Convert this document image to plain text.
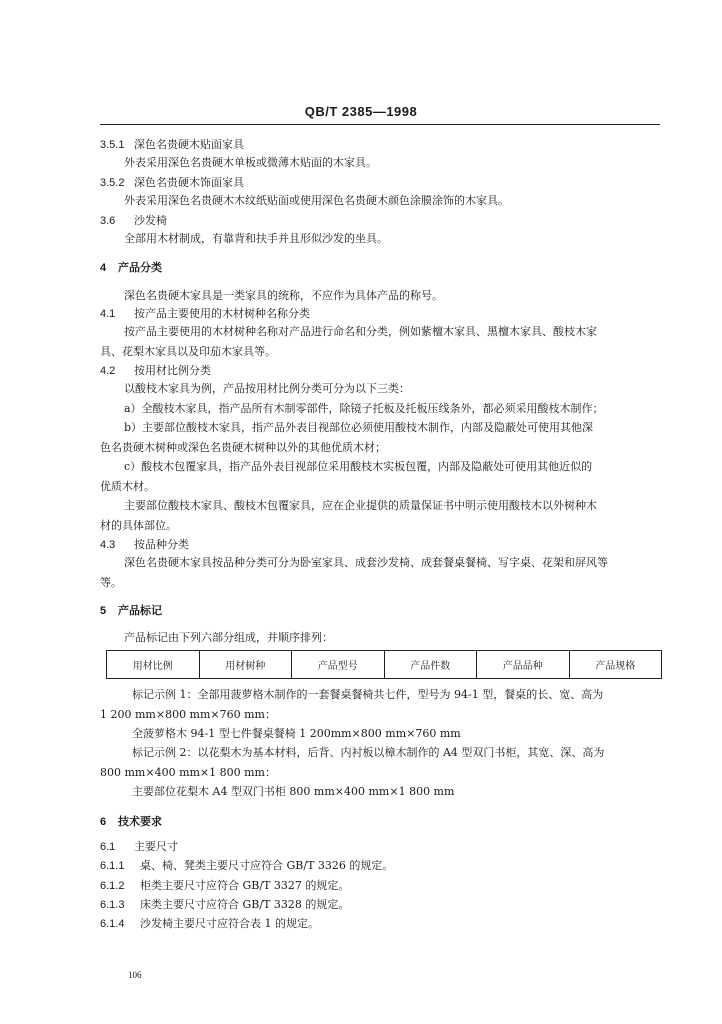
QB/T 2385—1998
3.5.1 深色名贵硬木贴面家具
外表采用深色名贵硬木单板或微薄木贴面的木家具。
3.5.2 深色名贵硬木饰面家具
外表采用深色名贵硬木木纹纸贴面或使用深色名贵硬木颜色涂膜涂饰的木家具。
3.6 沙发椅
全部用木材制成，有靠背和扶手并且形似沙发的坐具。
4 产品分类
深色名贵硬木家具是一类家具的统称，不应作为具体产品的称号。
4.1 按产品主要使用的木材树种名称分类
按产品主要使用的木材树种名称对产品进行命名和分类，例如紫檀木家具、黑檀木家具、酸枝木家
具、花梨木家具以及印茄木家具等。
4.2 按用材比例分类
以酸枝木家具为例，产品按用材比例分类可分为以下三类：
a）全酸枝木家具，指产品所有木制零部件，除镜子托板及托板压线条外，都必须采用酸枝木制作；
b）主要部位酸枝木家具，指产品外表目视部位必须使用酸枝木制作，内部及隐蔽处可使用其他深
色名贵硬木树种或深色名贵硬木树种以外的其他优质木材；
c）酸枝木包覆家具，指产品外表目视部位采用酸枝木实板包覆，内部及隐蔽处可使用其他近似的
优质木材。
主要部位酸枝木家具、酸枝木包覆家具，应在企业提供的质量保证书中明示使用酸枝木以外树种木
材的具体部位。
4.3 按品种分类
深色名贵硬木家具按品种分类可分为卧室家具、成套沙发椅、成套餐桌餐椅、写字桌、花架和屏风等
等。
5 产品标记
产品标记由下列六部分组成，并顺序排列：
用材比例	用材树种	产品型号	产品件数	产品品种	产品规格
标记示例 1：全部用菠萝格木制作的一套餐桌餐椅共七件，型号为 94-1 型，餐桌的长、宽、高为
1 200 mm×800 mm×760 mm：
全菠萝格木 94-1 型七件餐桌餐椅 1 200mm×800 mm×760 mm
标记示例 2：以花梨木为基本材料，后背、内衬板以樟木制作的 A4 型双门书柜，其宽、深、高为
800 mm×400 mm×1 800 mm：
主要部位花梨木 A4 型双门书柜 800 mm×400 mm×1 800 mm
6 技术要求
6.1 主要尺寸
6.1.1 桌、椅、凳类主要尺寸应符合 GB/T 3326 的规定。
6.1.2 柜类主要尺寸应符合 GB/T 3327 的规定。
6.1.3 床类主要尺寸应符合 GB/T 3328 的规定。
6.1.4 沙发椅主要尺寸应符合表 1 的规定。
106
